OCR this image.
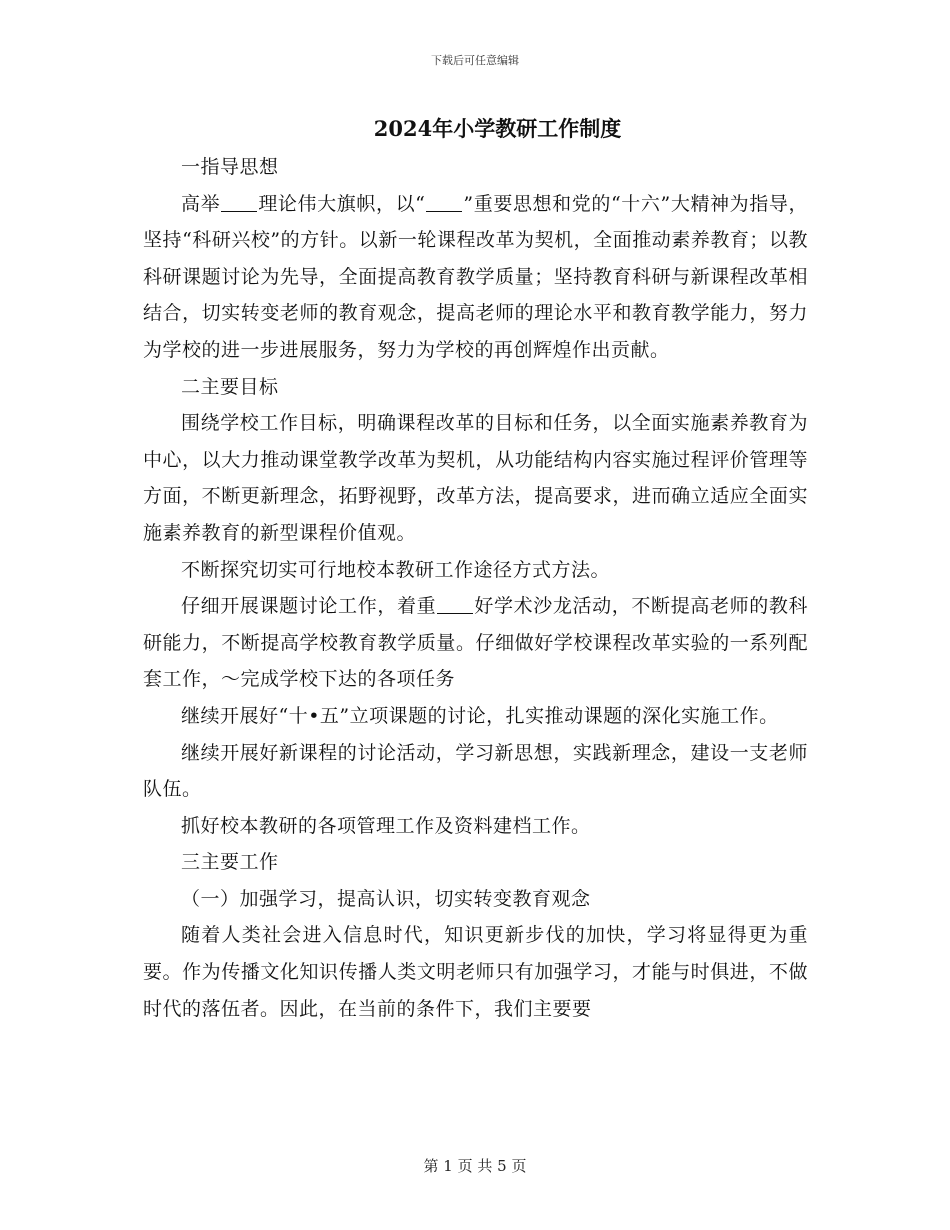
下载后可任意编辑
2024年小学教研工作制度

一指导思想

高举 理论伟大旗帜，以“ ”重要思想和党的“十六”大精神为指导，坚持“科研兴校”的方针。以新一轮课程改革为契机，全面推动素养教育；以教科研课题讨论为先导，全面提高教育教学质量；坚持教育科研与新课程改革相结合，切实转变老师的教育观念，提高老师的理论水平和教育教学能力，努力为学校的进一步进展服务，努力为学校的再创辉煌作出贡献。

二主要目标

围绕学校工作目标，明确课程改革的目标和任务，以全面实施素养教育为中心，以大力推动课堂教学改革为契机，从功能结构内容实施过程评价管理等方面，不断更新理念，拓野视野，改革方法，提高要求，进而确立适应全面实施素养教育的新型课程价值观。

不断探究切实可行地校本教研工作途径方式方法。

仔细开展课题讨论工作，着重 好学术沙龙活动，不断提高老师的教科研能力，不断提高学校教育教学质量。仔细做好学校课程改革实验的一系列配套工作，～完成学校下达的各项任务

继续开展好“十•五”立项课题的讨论，扎实推动课题的深化实施工作。

继续开展好新课程的讨论活动，学习新思想，实践新理念，建设一支老师队伍。

抓好校本教研的各项管理工作及资料建档工作。

三主要工作

（一）加强学习，提高认识，切实转变教育观念

随着人类社会进入信息时代，知识更新步伐的加快，学习将显得更为重要。作为传播文化知识传播人类文明老师只有加强学习，才能与时俱进，不做时代的落伍者。因此，在当前的条件下，我们主要要

第 1 页 共 5 页
